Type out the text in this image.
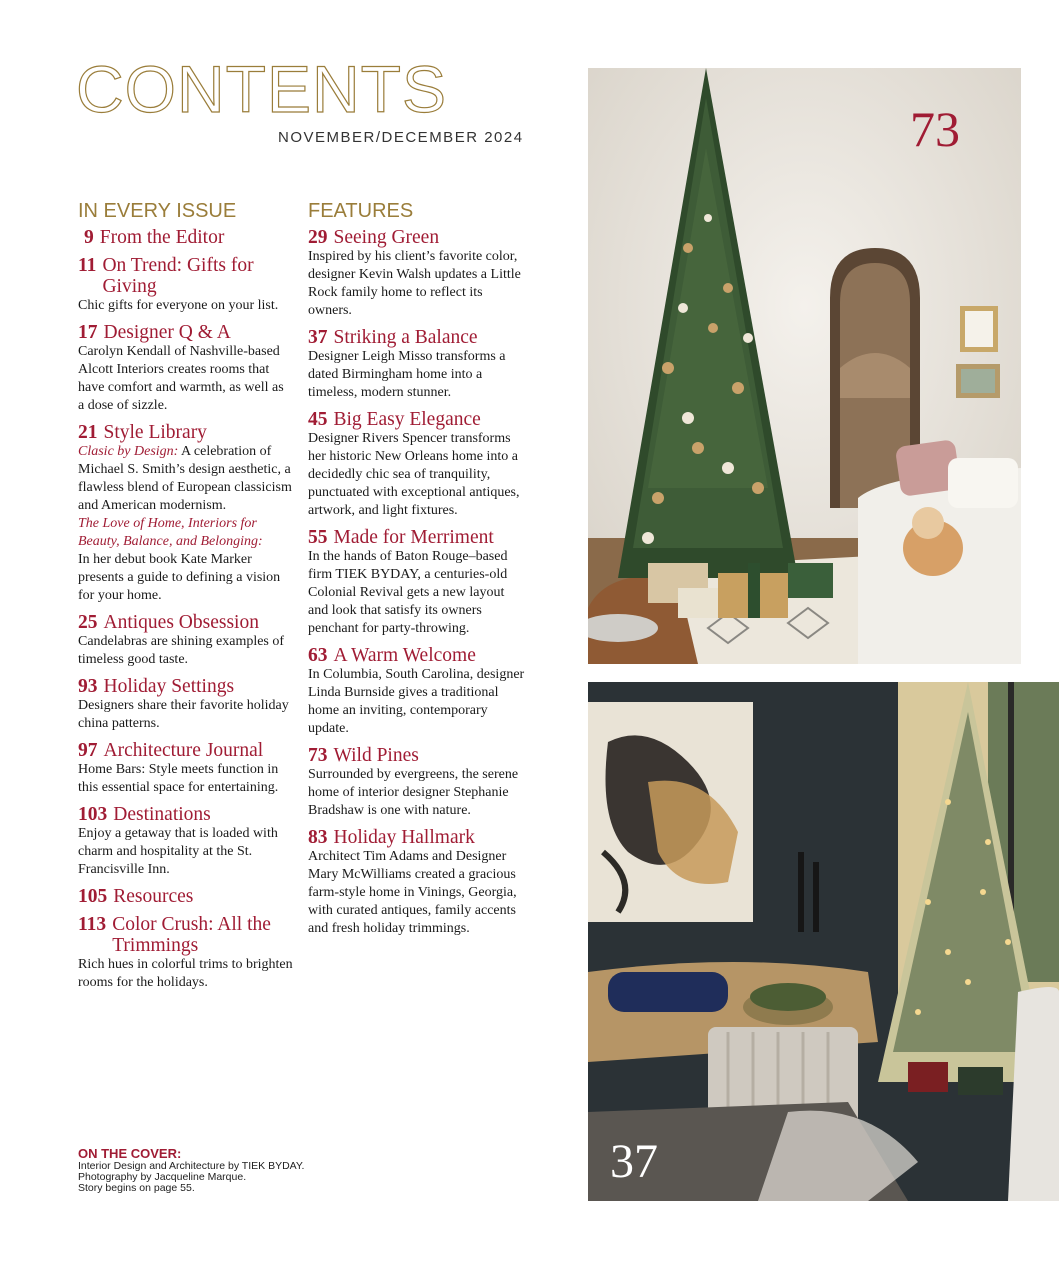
CONTENTS
NOVEMBER/DECEMBER 2024
IN EVERY ISSUE
9 From the Editor
11 On Trend: Gifts for Giving
Chic gifts for everyone on your list.
17 Designer Q & A
Carolyn Kendall of Nashville-based Alcott Interiors creates rooms that have comfort and warmth, as well as a dose of sizzle.
21 Style Library
Clasic by Design: A celebration of Michael S. Smith’s design aesthetic, a flawless blend of European classicism and American modernism.
The Love of Home, Interiors for Beauty, Balance, and Belonging:
In her debut book Kate Marker presents a guide to defining a vision for your home.
25 Antiques Obsession
Candelabras are shining examples of timeless good taste.
93 Holiday Settings
Designers share their favorite holiday china patterns.
97 Architecture Journal
Home Bars: Style meets function in this essential space for entertaining.
103 Destinations
Enjoy a getaway that is loaded with charm and hospitality at the St. Francisville Inn.
105 Resources
113 Color Crush: All the Trimmings
Rich hues in colorful trims to brighten rooms for the holidays.
FEATURES
29 Seeing Green
Inspired by his client’s favorite color, designer Kevin Walsh updates a Little Rock family home to reflect its owners.
37 Striking a Balance
Designer Leigh Misso transforms a dated Birmingham home into a timeless, modern stunner.
45 Big Easy Elegance
Designer Rivers Spencer transforms her historic New Orleans home into a decidedly chic sea of tranquility, punctuated with exceptional antiques, artwork, and light fixtures.
55 Made for Merriment
In the hands of Baton Rouge–based firm TIEK BYDAY, a centuries-old Colonial Revival gets a new layout and look that satisfy its owners penchant for party-throwing.
63 A Warm Welcome
In Columbia, South Carolina, designer Linda Burnside gives a traditional home an inviting, contemporary update.
73 Wild Pines
Surrounded by evergreens, the serene home of interior designer Stephanie Bradshaw is one with nature.
83 Holiday Hallmark
Architect Tim Adams and Designer Mary McWilliams created a gracious farm-style home in Vinings, Georgia, with curated antiques, family accents and fresh holiday trimmings.
ON THE COVER:
Interior Design and Architecture by TIEK BYDAY.
Photography by Jacqueline Marque.
Story begins on page 55.
73
37
